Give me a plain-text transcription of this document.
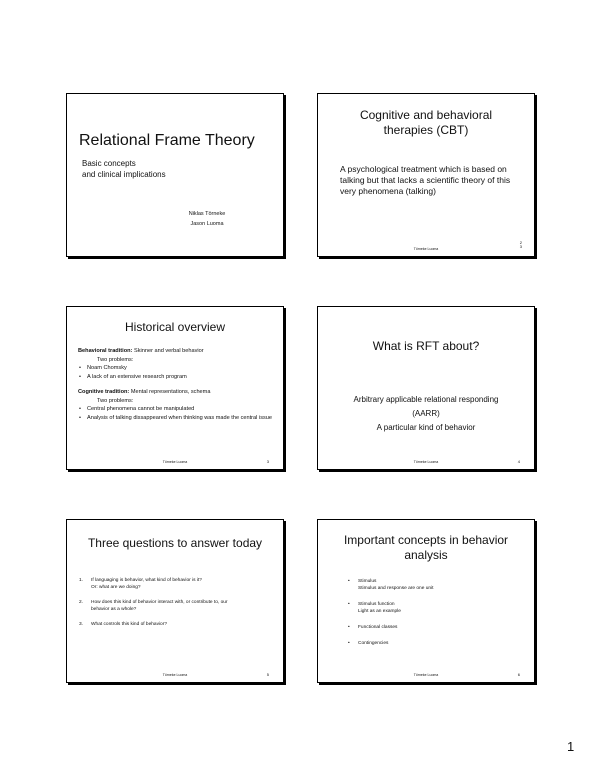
Relational Frame Theory
Basic concepts
and clinical implications
Niklas Törneke
Jason Luoma
Cognitive and behavioral
therapies (CBT)
A psychological treatment which is based on talking but that lacks a scientific theory of this very phenomena (talking)
Törneke Luoma
2
3
Historical overview
Behavioral tradition: Skinner and verbal behavior
Two problems:
• Noam Chomsky
• A lack of an extensive research program
Cognitive tradition: Mental representations, schema
Two problems:
• Central phenomena cannot be manipulated
• Analysis of talking dissappeared when thinking was made the central issue
Törneke Luoma	3
What is RFT about?
Arbitrary applicable relational responding
(AARR)
A particular kind of behavior
Törneke Luoma	4
Three questions to answer today
1. If languaging is behavior, what kind of behavior is it?
Or: what are we doing?
2. How does this kind of behavior interact with, or contribute to, our
behavior as a whole?
3. What controls this kind of behavior?
Törneke Luoma	5
Important concepts in behavior
analysis
• Stimulus
Stimulus and response are one unit
• Stimulus function
Light as an example
• Functional classes
• Contingencies
Törneke Luoma	6
1
